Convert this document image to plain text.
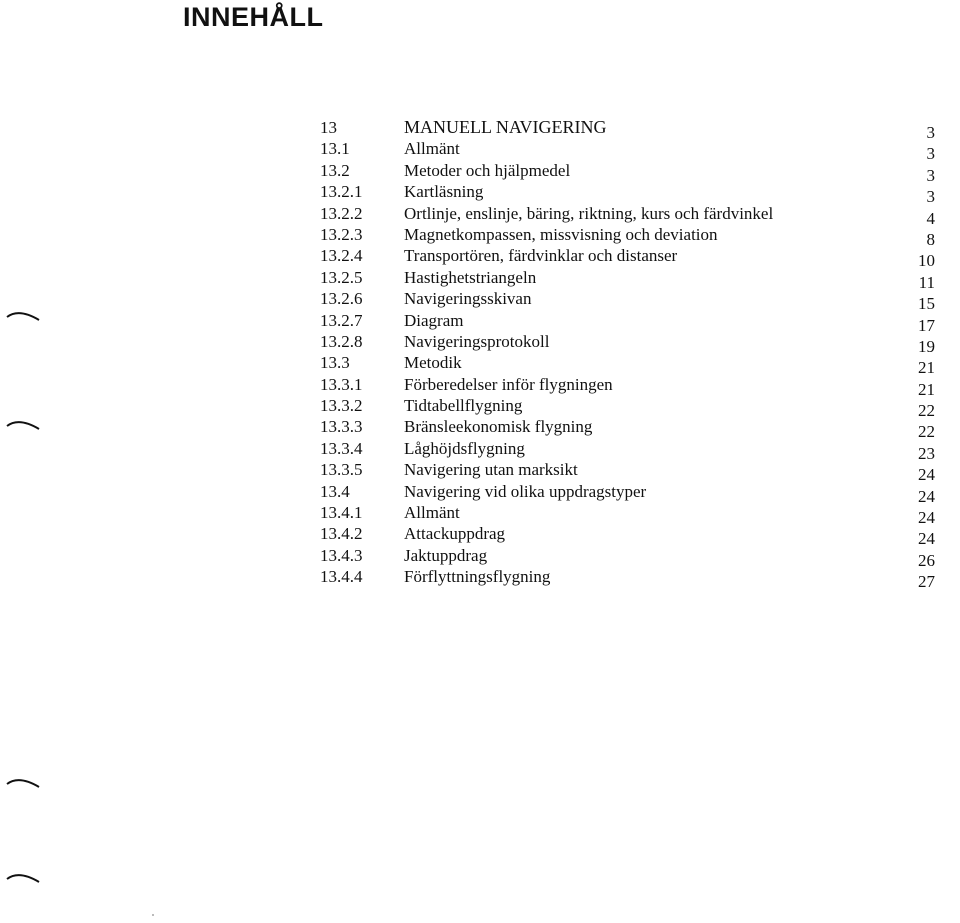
INNEHÅLL
13	MANUELL NAVIGERING	3
13.1	Allmänt	3
13.2	Metoder och hjälpmedel	3
13.2.1 Kartläsning	3
13.2.2 Ortlinje, enslinje, bäring, riktning, kurs och färdvinkel	4
13.2.3 Magnetkompassen, missvisning och deviation	8
13.2.4 Transportören, färdvinklar och distanser	10
13.2.5 Hastighetstriangeln	11
13.2.6 Navigeringsskivan	15
13.2.7 Diagram	17
13.2.8 Navigeringsprotokoll	19
13.3	Metodik	21
13.3.1 Förberedelser inför flygningen	21
13.3.2 Tidtabellflygning	22
13.3.3 Bränsleekonomisk flygning	22
13.3.4 Låghöjdsflygning	23
13.3.5 Navigering utan marksikt	24
13.4	Navigering vid olika uppdragstyper	24
13.4.1 Allmänt	24
13.4.2 Attackuppdrag	24
13.4.3 Jaktuppdrag	26
13.4.4 Förflyttningsflygning	27
